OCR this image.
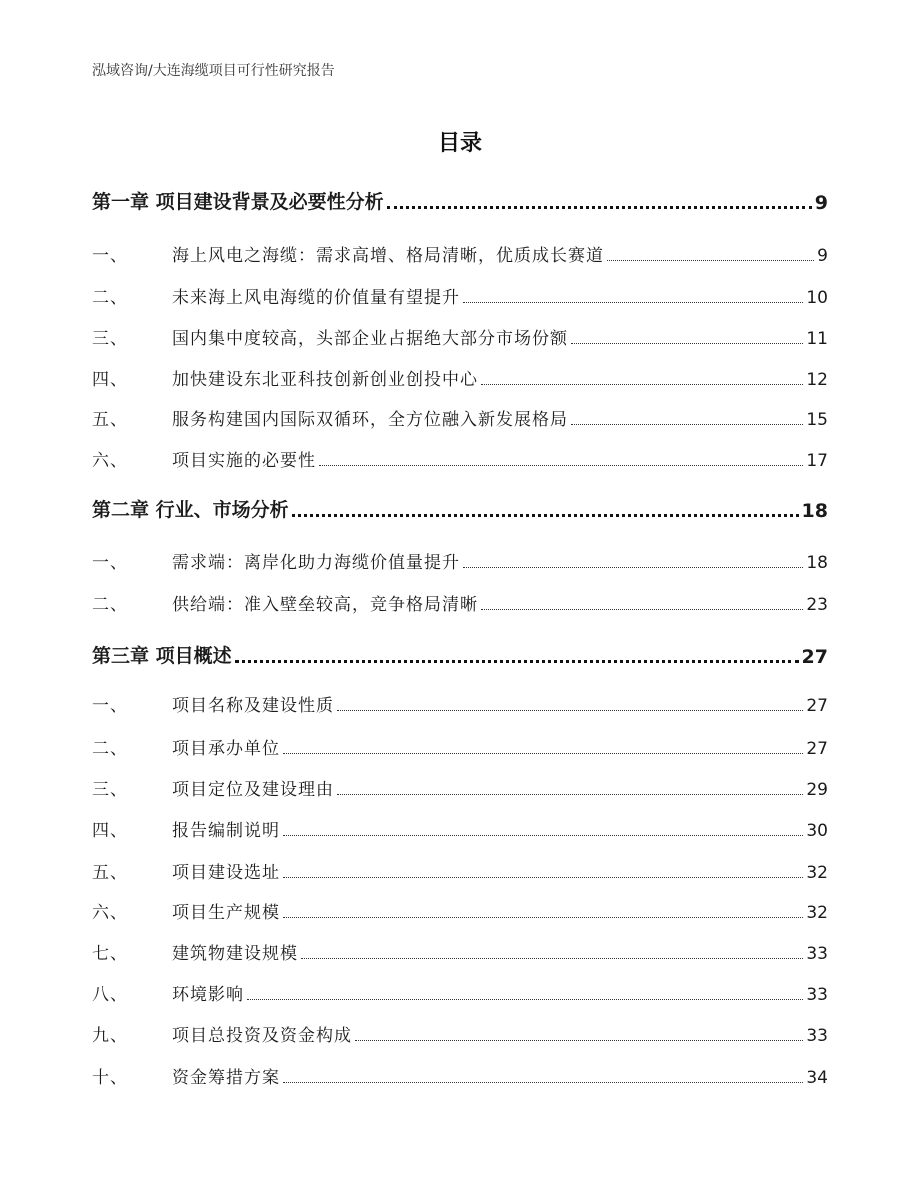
泓域咨询/大连海缆项目可行性研究报告
目录
第一章 项目建设背景及必要性分析	9
一、	海上风电之海缆：需求高增、格局清晰，优质成长赛道	9
二、	未来海上风电海缆的价值量有望提升	10
三、	国内集中度较高，头部企业占据绝大部分市场份额	11
四、	加快建设东北亚科技创新创业创投中心	12
五、	服务构建国内国际双循环，全方位融入新发展格局	15
六、	项目实施的必要性	17
第二章 行业、市场分析	18
一、	需求端：离岸化助力海缆价值量提升	18
二、	供给端：准入壁垒较高，竞争格局清晰	23
第三章 项目概述	27
一、	项目名称及建设性质	27
二、	项目承办单位	27
三、	项目定位及建设理由	29
四、	报告编制说明	30
五、	项目建设选址	32
六、	项目生产规模	32
七、	建筑物建设规模	33
八、	环境影响	33
九、	项目总投资及资金构成	33
十、	资金筹措方案	34
